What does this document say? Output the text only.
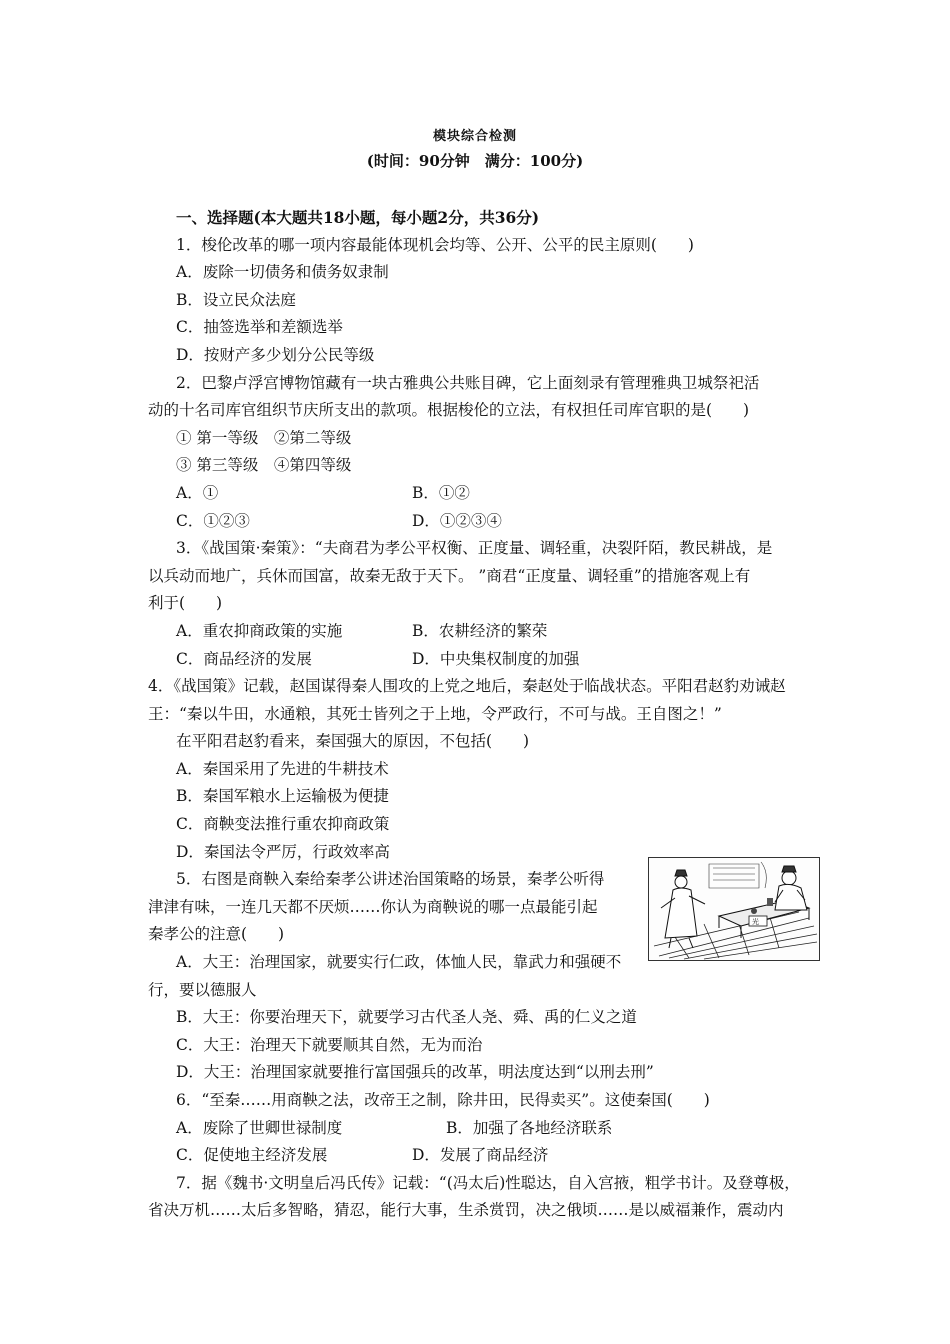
模块综合检测
(时间：90分钟　满分：100分)
一、选择题(本大题共18小题，每小题2分，共36分)
1．梭伦改革的哪一项内容最能体现机会均等、公开、公平的民主原则(　　)
A．废除一切债务和债务奴隶制
B．设立民众法庭
C．抽签选举和差额选举
D．按财产多少划分公民等级
2．巴黎卢浮宫博物馆藏有一块古雅典公共账目碑，它上面刻录有管理雅典卫城祭祀活
动的十名司库官组织节庆所支出的款项。根据梭伦的立法，有权担任司库官职的是(　　)
① 第一等级　②第二等级
③ 第三等级　④第四等级
A．①	B．①②
C．①②③	D．①②③④
3．《战国策·秦策》：“夫商君为孝公平权衡、正度量、调轻重，决裂阡陌，教民耕战，是
以兵动而地广，兵休而国富，故秦无敌于天下。 ”商君“正度量、调轻重”的措施客观上有
利于(　　)
A．重农抑商政策的实施	B．农耕经济的繁荣
C．商品经济的发展	D．中央集权制度的加强
4．《战国策》记载，赵国谋得秦人围攻的上党之地后，秦赵处于临战状态。平阳君赵豹劝诫赵
王：“秦以牛田，水通粮，其死士皆列之于上地，令严政行，不可与战。王自图之！”
在平阳君赵豹看来，秦国强大的原因，不包括(　　)
A．秦国采用了先进的牛耕技术
B．秦国军粮水上运输极为便捷
C．商鞅变法推行重农抑商政策
D．秦国法令严厉，行政效率高
5．右图是商鞅入秦给秦孝公讲述治国策略的场景，秦孝公听得
津津有味，一连几天都不厌烦……你认为商鞅说的哪一点最能引起
秦孝公的注意(　　)
A．大王：治理国家，就要实行仁政，体恤人民，靠武力和强硬不
行，要以德服人
B．大王：你要治理天下，就要学习古代圣人尧、舜、禹的仁义之道
C．大王：治理天下就要顺其自然，无为而治
D．大王：治理国家就要推行富国强兵的改革，明法度达到“以刑去刑”
6．“至秦……用商鞅之法，改帝王之制，除井田，民得卖买”。这使秦国(　　)
A．废除了世卿世禄制度	B．加强了各地经济联系
C．促使地主经济发展	D．发展了商品经济
7．据《魏书·文明皇后冯氏传》记载：“(冯太后)性聪达，自入宫掖，粗学书计。及登尊极，
省决万机……太后多智略，猜忍，能行大事，生杀赏罚，决之俄顷……是以威福兼作，震动内
光
